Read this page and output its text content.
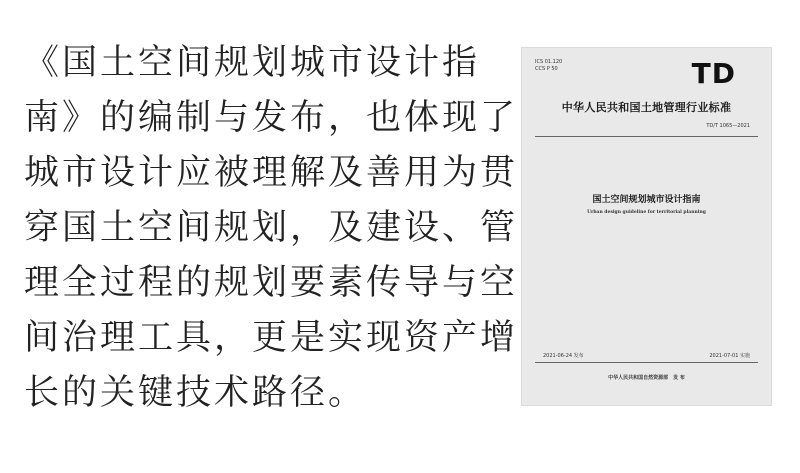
《国土空间规划城市设计指
南》的编制与发布，也体现了
城市设计应被理解及善用为贯
穿国土空间规划，及建设、管
理全过程的规划要素传导与空
间治理工具，更是实现资产增
长的关键技术路径。
ICS 01.120
CCS P 50	TD
中华人民共和国土地管理行业标准
TD/T 1065—2021
国土空间规划城市设计指南
Urban design guideline for territorial planning
2021-06-24 发布	2021-07-01 实施
中华人民共和国自然资源部　发 布
